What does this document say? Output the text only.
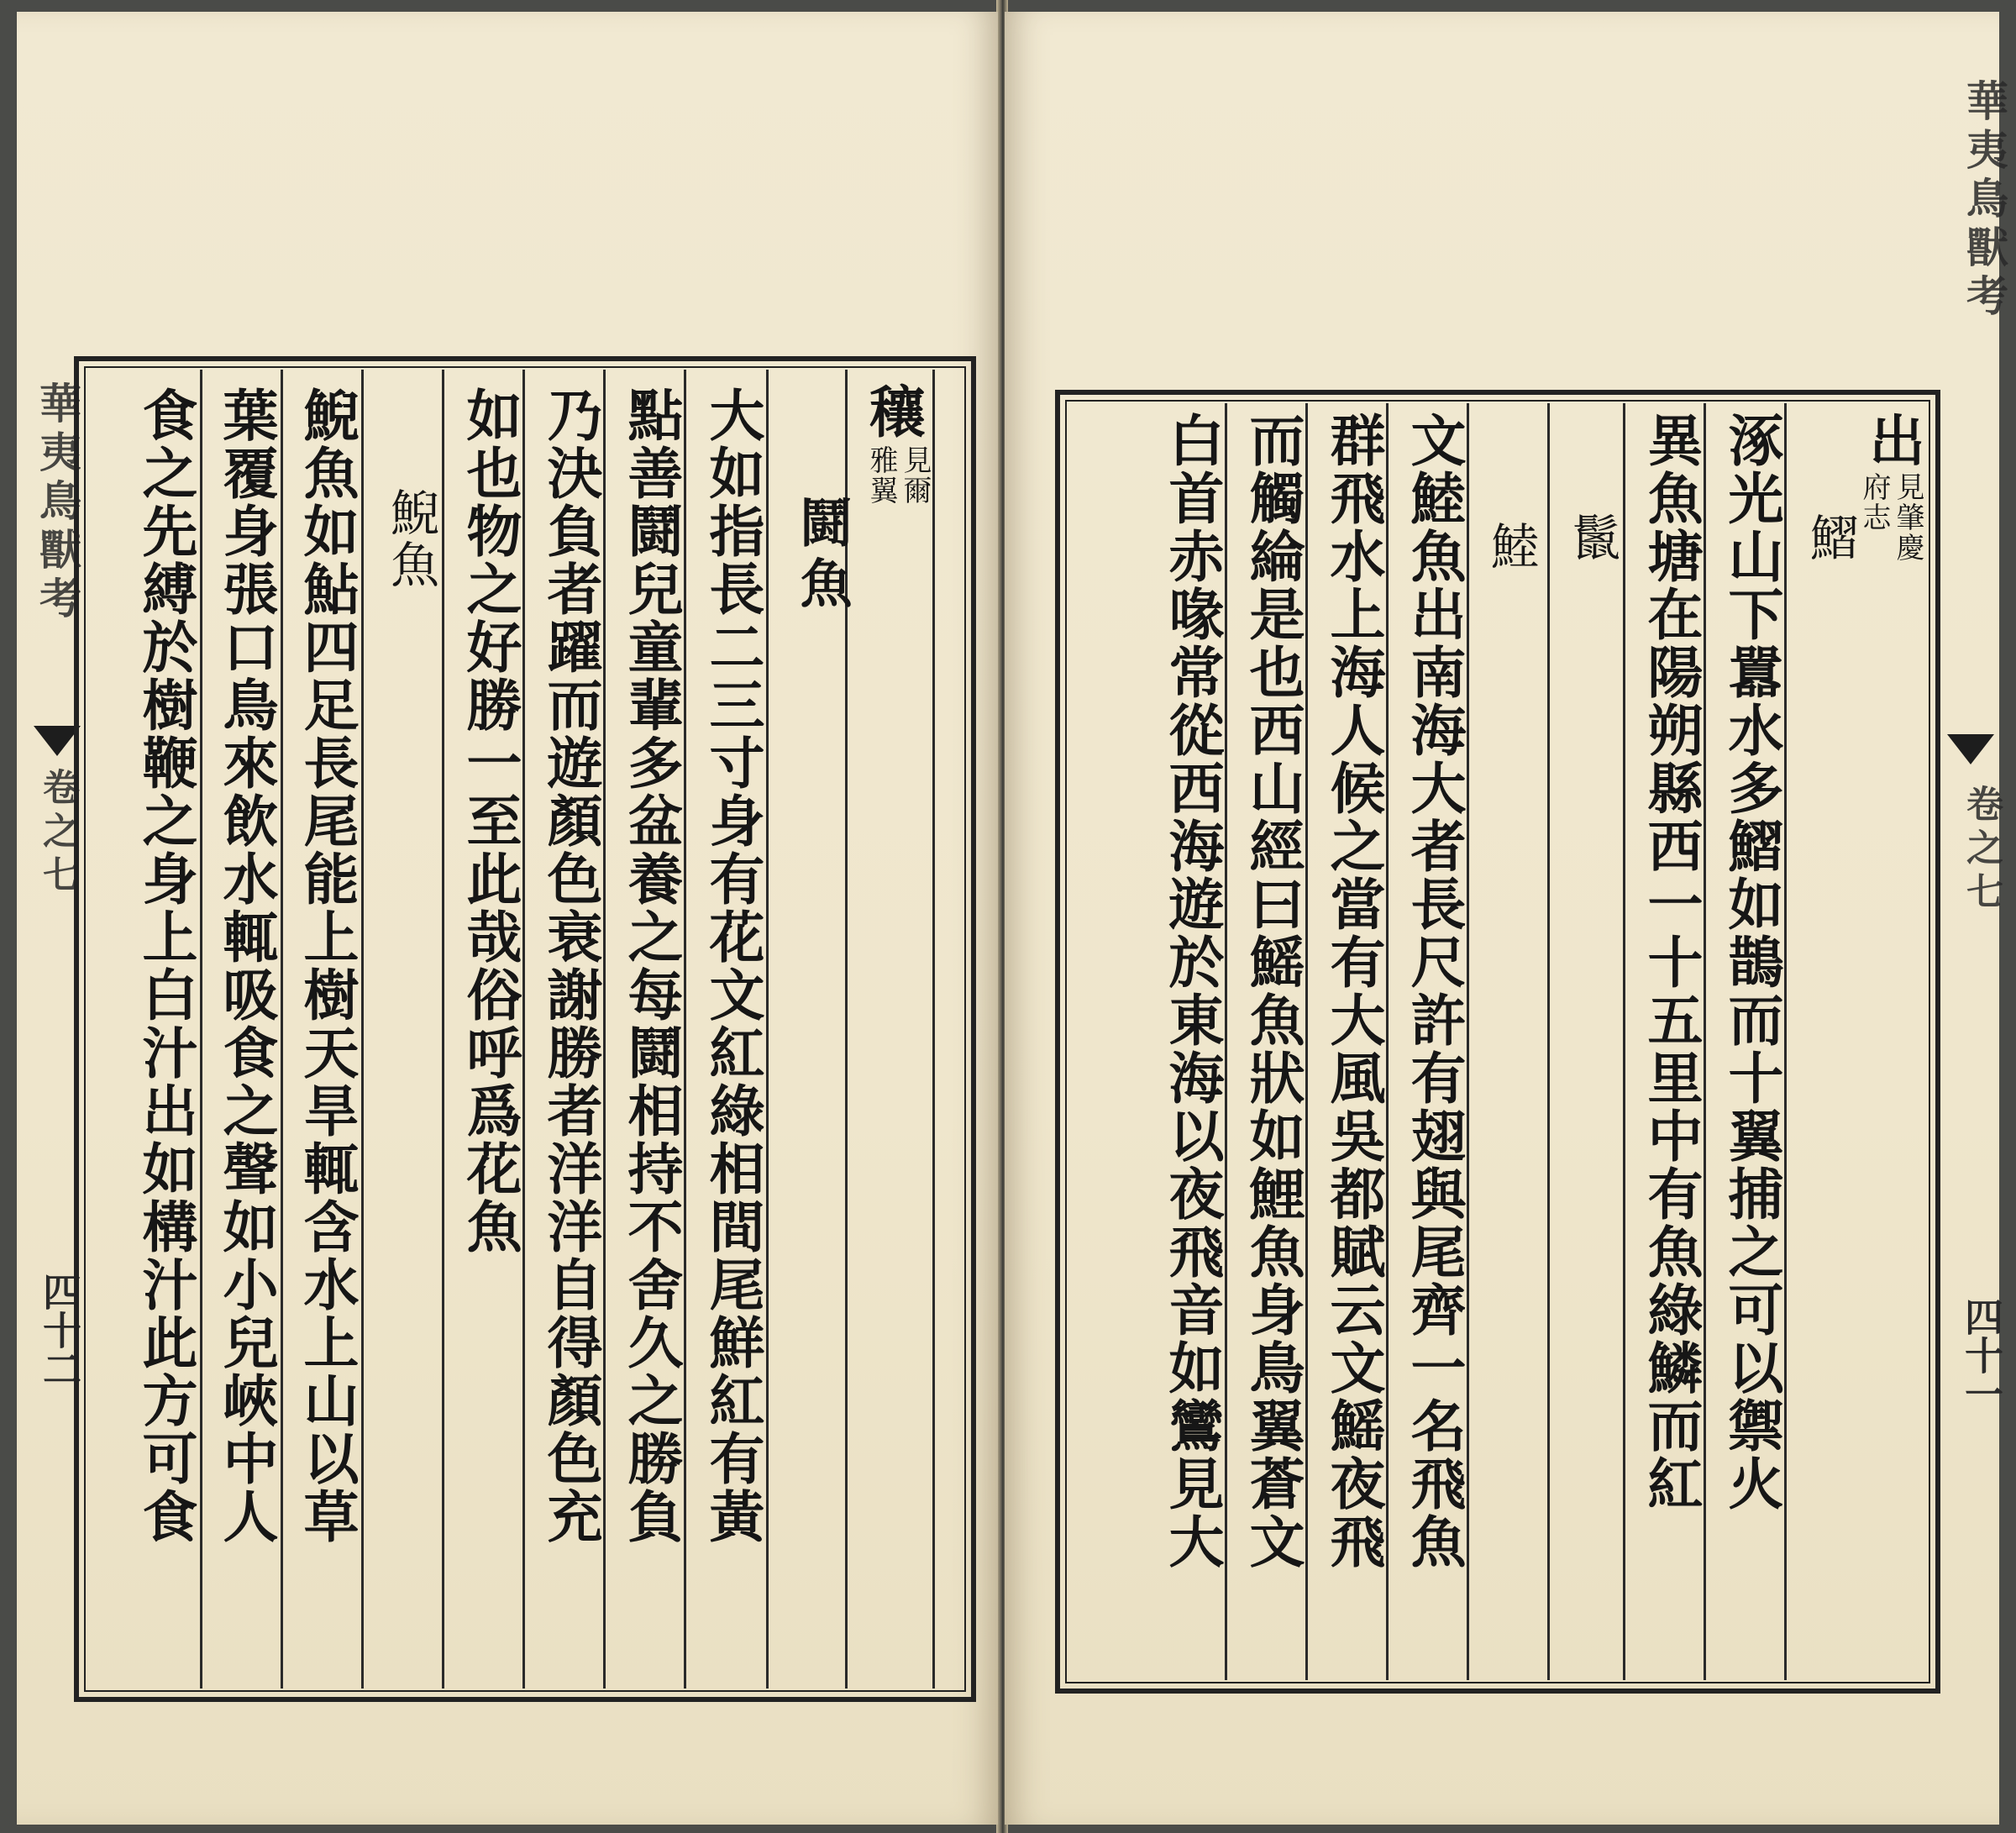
華夷鳥獸考
卷之七
四十二
穰
見爾
雅翼
鬪魚
大如指長二三寸身有花文紅綠相間尾鮮紅有黃
點善鬪兒童輩多盆養之每鬪相持不舍久之勝負
乃決負者躍而遊顏色衰謝勝者洋洋自得顏色充
如也物之好勝一至此哉俗呼爲花魚
鯢魚
鯢魚如鮎四足長尾能上樹天旱輒含水上山以草
葉覆身張口鳥來飲水輒吸食之聲如小兒峽中人
食之先縛於樹鞭之身上白汁出如構汁此方可食	出
見肇慶
府志
鰼
涿光山下囂水多鰼如鵲而十翼捕之可以禦火
異魚塘在陽朔縣西一十五里中有魚綠鱗而紅
鬛
鯥
文鯥魚出南海大者長尺許有翅與尾齊一名飛魚
群飛水上海人候之當有大風吳都賦云文鰩夜飛
而觸綸是也西山經曰鰩魚狀如鯉魚身鳥翼蒼文
白首赤喙常從西海遊於東海以夜飛音如鸞見大
華夷鳥獸考
卷之七
四十一
